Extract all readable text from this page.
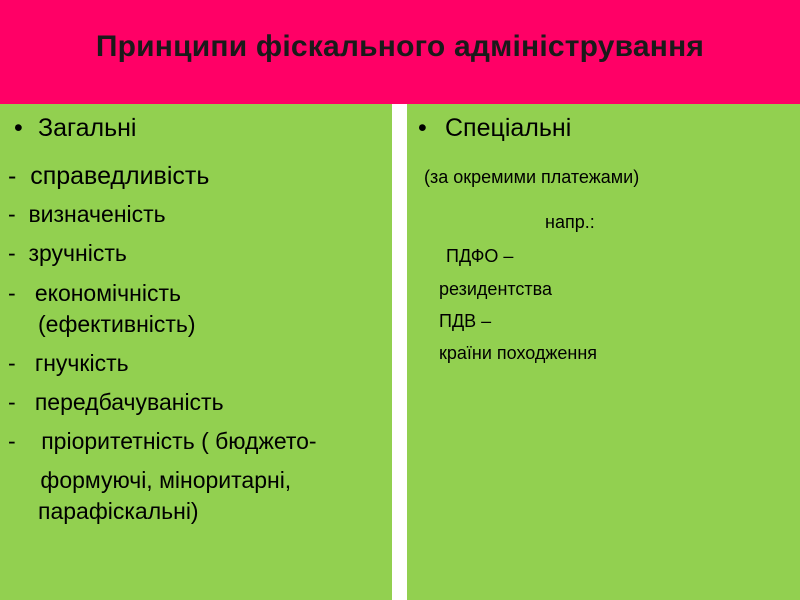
Принципи фіскального адміністрування
• Загальні
-  справедливість
-  визначеність
-  зручність
-   економічність
(ефективність)
-   гнучкість
-   передбачуваність
-    пріоритетність ( бюджето-
формуючі, міноритарні,
парафіскальні)
• Спеціальні
(за окремими платежами)
напр.:
ПДФО –
резидентства
ПДВ –
країни походження
